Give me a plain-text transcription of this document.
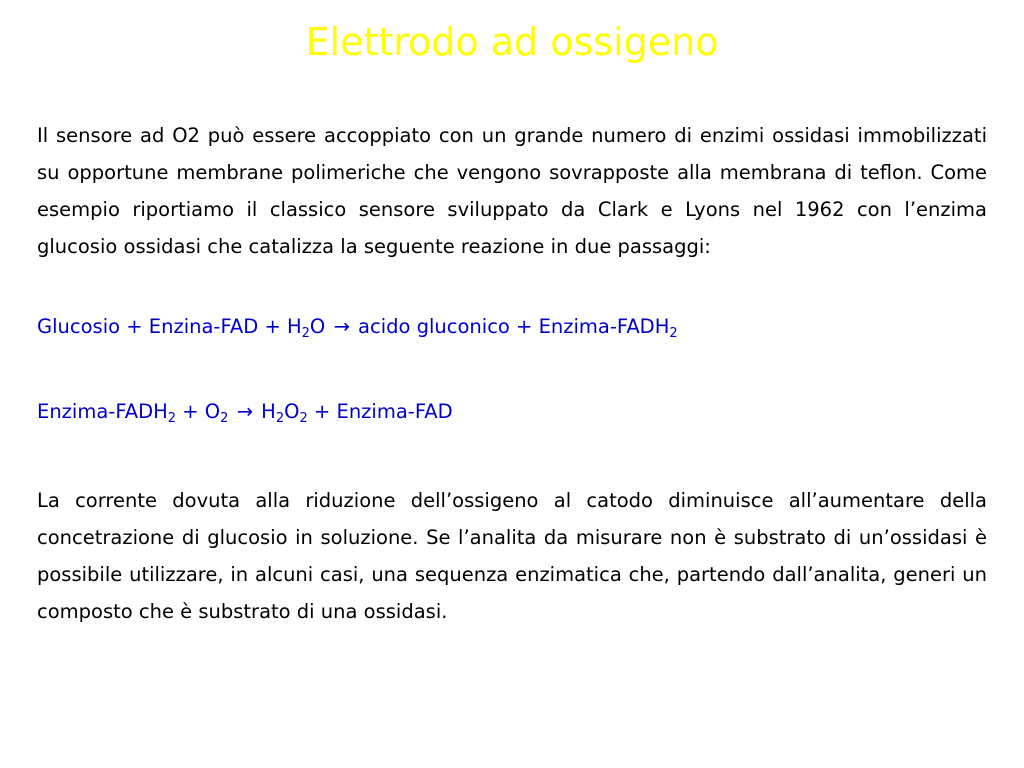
Elettrodo ad ossigeno

Il sensore ad O2 può essere accoppiato con un grande numero di enzimi ossidasi immobilizzati su opportune membrane polimeriche che vengono sovrapposte alla membrana di teflon. Come esempio riportiamo il classico sensore sviluppato da Clark e Lyons nel 1962 con l’enzima glucosio ossidasi che catalizza la seguente reazione in due passaggi:

Glucosio + Enzina-FAD + $H_2O$ → acido gluconico + Enzima-$FADH_2$

Enzima-$FADH_2 + O_2 \to H_2O_2$ + Enzima-FAD

La corrente dovuta alla riduzione dell’ossigeno al catodo diminuisce all’aumentare della concetrazione di glucosio in soluzione. Se l’analita da misurare non è substrato di un’ossidasi è possibile utilizzare, in alcuni casi, una sequenza enzimatica che, partendo dall’analita, generi un composto che è substrato di una ossidasi.
